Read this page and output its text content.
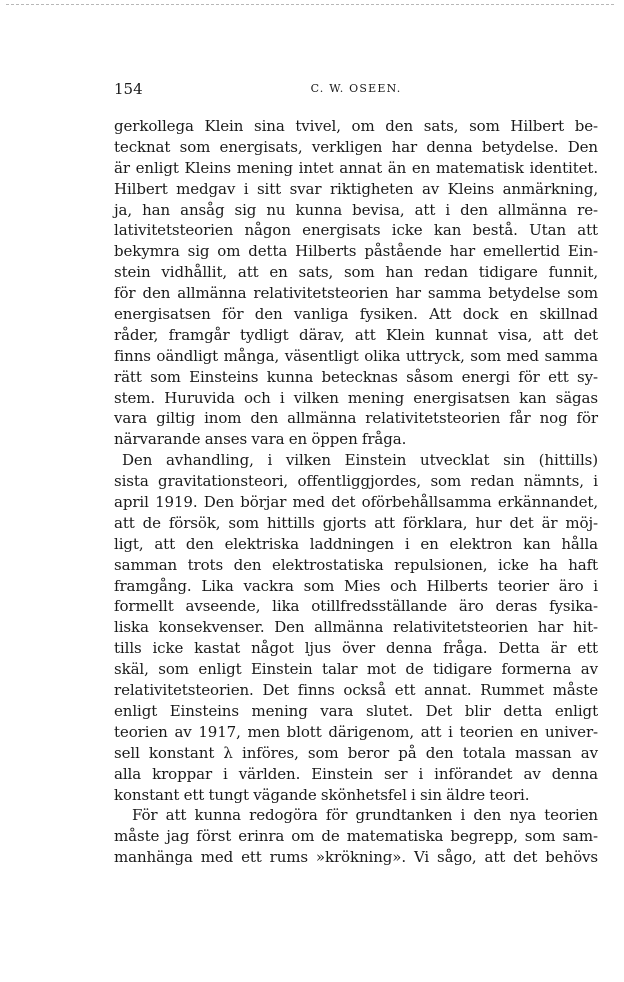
154	C. W. OSEEN.
gerkollega Klein sina tvivel, om den sats, som Hilbert be-
tecknat som energisats, verkligen har denna betydelse. Den
är enligt Kleins mening intet annat än en matematisk identitet.
Hilbert medgav i sitt svar riktigheten av Kleins anmärkning,
ja, han ansåg sig nu kunna bevisa, att i den allmänna re-
lativitetsteorien någon energisats icke kan bestå. Utan att
bekymra sig om detta Hilberts påstående har emellertid Ein-
stein vidhållit, att en sats, som han redan tidigare funnit,
för den allmänna relativitetsteorien har samma betydelse som
energisatsen för den vanliga fysiken. Att dock en skillnad
råder, framgår tydligt därav, att Klein kunnat visa, att det
finns oändligt många, väsentligt olika uttryck, som med samma
rätt som Einsteins kunna betecknas såsom energi för ett sy-
stem. Huruvida och i vilken mening energisatsen kan sägas
vara giltig inom den allmänna relativitetsteorien får nog för
närvarande anses vara en öppen fråga.
Den avhandling, i vilken Einstein utvecklat sin (hittills)
sista gravitationsteori, offentliggjordes, som redan nämnts, i
april 1919. Den börjar med det oförbehållsamma erkännandet,
att de försök, som hittills gjorts att förklara, hur det är möj-
ligt, att den elektriska laddningen i en elektron kan hålla
samman trots den elektrostatiska repulsionen, icke ha haft
framgång. Lika vackra som Mies och Hilberts teorier äro i
formellt avseende, lika otillfredsställande äro deras fysika-
liska konsekvenser. Den allmänna relativitetsteorien har hit-
tills icke kastat något ljus över denna fråga. Detta är ett
skäl, som enligt Einstein talar mot de tidigare formerna av
relativitetsteorien. Det finns också ett annat. Rummet måste
enligt Einsteins mening vara slutet. Det blir detta enligt
teorien av 1917, men blott därigenom, att i teorien en univer-
sell konstant λ införes, som beror på den totala massan av
alla kroppar i världen. Einstein ser i införandet av denna
konstant ett tungt vägande skönhetsfel i sin äldre teori.
För att kunna redogöra för grundtanken i den nya teorien
måste jag först erinra om de matematiska begrepp, som sam-
manhänga med ett rums »krökning». Vi sågo, att det behövs
